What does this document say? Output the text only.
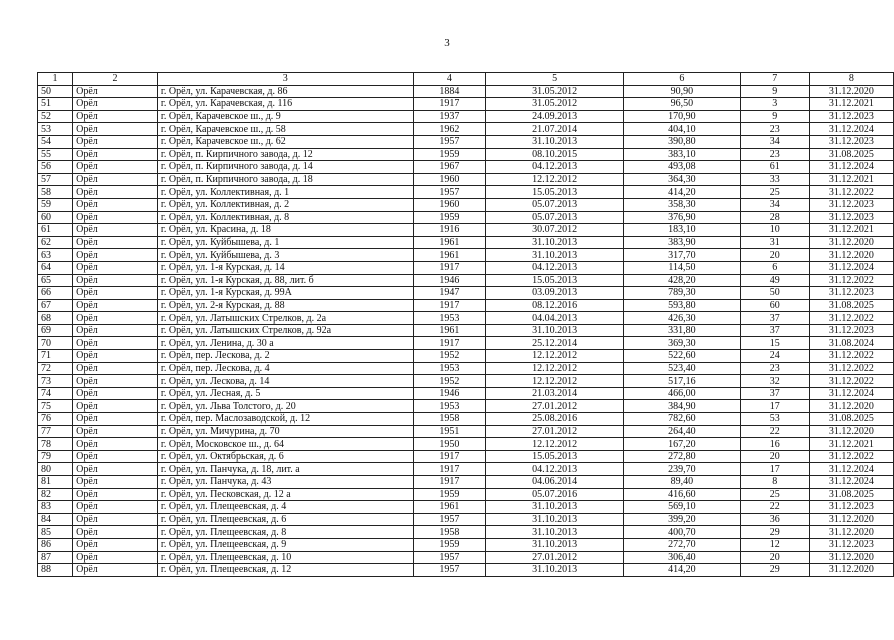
3
1	2	3	4	5	6	7	8
50	Орёл	г. Орёл, ул. Карачевская, д. 86	1884	31.05.2012	90,90	9	31.12.2020
51	Орёл	г. Орёл, ул. Карачевская, д. 116	1917	31.05.2012	96,50	3	31.12.2021
52	Орёл	г. Орёл, Карачевское ш., д. 9	1937	24.09.2013	170,90	9	31.12.2023
53	Орёл	г. Орёл, Карачевское ш., д. 58	1962	21.07.2014	404,10	23	31.12.2024
54	Орёл	г. Орёл, Карачевское ш., д. 62	1957	31.10.2013	390,80	34	31.12.2023
55	Орёл	г. Орёл, п. Кирпичного завода, д. 12	1959	08.10.2015	383,10	23	31.08.2025
56	Орёл	г. Орёл, п. Кирпичного завода, д. 14	1967	04.12.2013	493,08	61	31.12.2024
57	Орёл	г. Орёл, п. Кирпичного завода, д. 18	1960	12.12.2012	364,30	33	31.12.2021
58	Орёл	г. Орёл, ул. Коллективная, д. 1	1957	15.05.2013	414,20	25	31.12.2022
59	Орёл	г. Орёл, ул. Коллективная, д. 2	1960	05.07.2013	358,30	34	31.12.2023
60	Орёл	г. Орёл, ул. Коллективная, д. 8	1959	05.07.2013	376,90	28	31.12.2023
61	Орёл	г. Орёл, ул. Красина, д. 18	1916	30.07.2012	183,10	10	31.12.2021
62	Орёл	г. Орёл, ул. Куйбышева, д. 1	1961	31.10.2013	383,90	31	31.12.2020
63	Орёл	г. Орёл, ул. Куйбышева, д. 3	1961	31.10.2013	317,70	20	31.12.2020
64	Орёл	г. Орёл, ул. 1-я Курская, д. 14	1917	04.12.2013	114,50	6	31.12.2024
65	Орёл	г. Орёл, ул. 1-я Курская, д. 88, лит. б	1946	15.05.2013	428,20	49	31.12.2022
66	Орёл	г. Орёл, ул. 1-я Курская, д. 99А	1947	03.09.2013	789,30	50	31.12.2023
67	Орёл	г. Орёл, ул. 2-я Курская, д. 88	1917	08.12.2016	593,80	60	31.08.2025
68	Орёл	г. Орёл, ул. Латышских Стрелков, д. 2а	1953	04.04.2013	426,30	37	31.12.2022
69	Орёл	г. Орёл, ул. Латышских Стрелков, д. 92а	1961	31.10.2013	331,80	37	31.12.2023
70	Орёл	г. Орёл, ул. Ленина, д. 30 а	1917	25.12.2014	369,30	15	31.08.2024
71	Орёл	г. Орёл, пер. Лескова, д. 2	1952	12.12.2012	522,60	24	31.12.2022
72	Орёл	г. Орёл, пер. Лескова, д. 4	1953	12.12.2012	523,40	23	31.12.2022
73	Орёл	г. Орёл, ул. Лескова, д. 14	1952	12.12.2012	517,16	32	31.12.2022
74	Орёл	г. Орёл, ул. Лесная, д. 5	1946	21.03.2014	466,00	37	31.12.2024
75	Орёл	г. Орёл, ул. Льва Толстого, д. 20	1953	27.01.2012	384,90	17	31.12.2020
76	Орёл	г. Орёл, пер. Маслозаводской, д. 12	1958	25.08.2016	782,60	53	31.08.2025
77	Орёл	г. Орёл, ул. Мичурина, д. 70	1951	27.01.2012	264,40	22	31.12.2020
78	Орёл	г. Орёл, Московское ш., д. 64	1950	12.12.2012	167,20	16	31.12.2021
79	Орёл	г. Орёл, ул. Октябрьская, д. 6	1917	15.05.2013	272,80	20	31.12.2022
80	Орёл	г. Орёл, ул. Панчука, д. 18, лит. а	1917	04.12.2013	239,70	17	31.12.2024
81	Орёл	г. Орёл, ул. Панчука, д. 43	1917	04.06.2014	89,40	8	31.12.2024
82	Орёл	г. Орёл, ул. Песковская, д. 12 а	1959	05.07.2016	416,60	25	31.08.2025
83	Орёл	г. Орёл, ул. Плещеевская, д. 4	1961	31.10.2013	569,10	22	31.12.2023
84	Орёл	г. Орёл, ул. Плещеевская, д. 6	1957	31.10.2013	399,20	36	31.12.2020
85	Орёл	г. Орёл, ул. Плещеевская, д. 8	1958	31.10.2013	400,70	29	31.12.2020
86	Орёл	г. Орёл, ул. Плещеевская, д. 9	1959	31.10.2013	272,70	12	31.12.2023
87	Орёл	г. Орёл, ул. Плещеевская, д. 10	1957	27.01.2012	306,40	20	31.12.2020
88	Орёл	г. Орёл, ул. Плещеевская, д. 12	1957	31.10.2013	414,20	29	31.12.2020
